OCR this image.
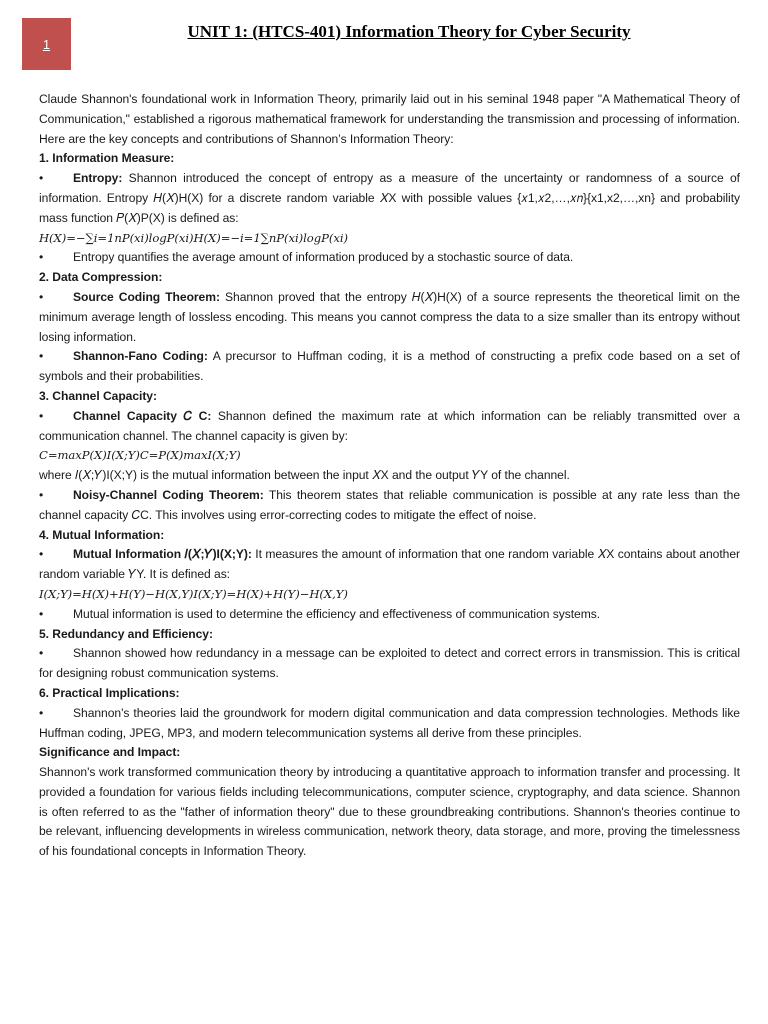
1
UNIT 1: (HTCS-401) Information Theory for Cyber Security

Claude Shannon's foundational work in Information Theory, primarily laid out in his seminal 1948 paper "A Mathematical Theory of Communication," established a rigorous mathematical framework for understanding the transmission and processing of information. Here are the key concepts and contributions of Shannon’s Information Theory:

1. Information Measure:

• Entropy: Shannon introduced the concept of entropy as a measure of the uncertainty or randomness of a source of information. Entropy 𝐻(𝑋)H(X) for a discrete random variable 𝑋X with possible values {𝑥1,𝑥2,…,𝑥𝑛}{x1,x2,…,xn} and probability mass function 𝑃(𝑋)P(X) is defined as:

𝐻(𝑋)=−∑𝑖=1𝑛𝑃(𝑥𝑖)log⁡𝑃(𝑥𝑖)H(X)=−i=1∑nP(xi)logP(xi)

• Entropy quantifies the average amount of information produced by a stochastic source of data.

2. Data Compression:

• Source Coding Theorem: Shannon proved that the entropy 𝐻(𝑋)H(X) of a source represents the theoretical limit on the minimum average length of lossless encoding. This means you cannot compress the data to a size smaller than its entropy without losing information.

• Shannon-Fano Coding: A precursor to Huffman coding, it is a method of constructing a prefix code based on a set of symbols and their probabilities.

3. Channel Capacity:

• Channel Capacity 𝐶 C: Shannon defined the maximum rate at which information can be reliably transmitted over a communication channel. The channel capacity is given by:

𝐶=max⁡𝑃(𝑋)𝐼(𝑋;𝑌)C=P(X)maxI(X;Y)

where 𝐼(𝑋;𝑌)I(X;Y) is the mutual information between the input 𝑋X and the output 𝑌Y of the channel.

• Noisy-Channel Coding Theorem: This theorem states that reliable communication is possible at any rate less than the channel capacity 𝐶C. This involves using error-correcting codes to mitigate the effect of noise.

4. Mutual Information:

• Mutual Information 𝐼(𝑋;𝑌)I(X;Y): It measures the amount of information that one random variable 𝑋X contains about another random variable 𝑌Y. It is defined as:

𝐼(𝑋;𝑌)=𝐻(𝑋)+𝐻(𝑌)−𝐻(𝑋,𝑌)I(X;Y)=H(X)+H(Y)−H(X,Y)

• Mutual information is used to determine the efficiency and effectiveness of communication systems.

5. Redundancy and Efficiency:

• Shannon showed how redundancy in a message can be exploited to detect and correct errors in transmission. This is critical for designing robust communication systems.

6. Practical Implications:

• Shannon's theories laid the groundwork for modern digital communication and data compression technologies. Methods like Huffman coding, JPEG, MP3, and modern telecommunication systems all derive from these principles.

Significance and Impact:

Shannon's work transformed communication theory by introducing a quantitative approach to information transfer and processing. It provided a foundation for various fields including telecommunications, computer science, cryptography, and data science. Shannon is often referred to as the "father of information theory" due to these groundbreaking contributions. Shannon's theories continue to be relevant, influencing developments in wireless communication, network theory, data storage, and more, proving the timelessness of his foundational concepts in Information Theory.
